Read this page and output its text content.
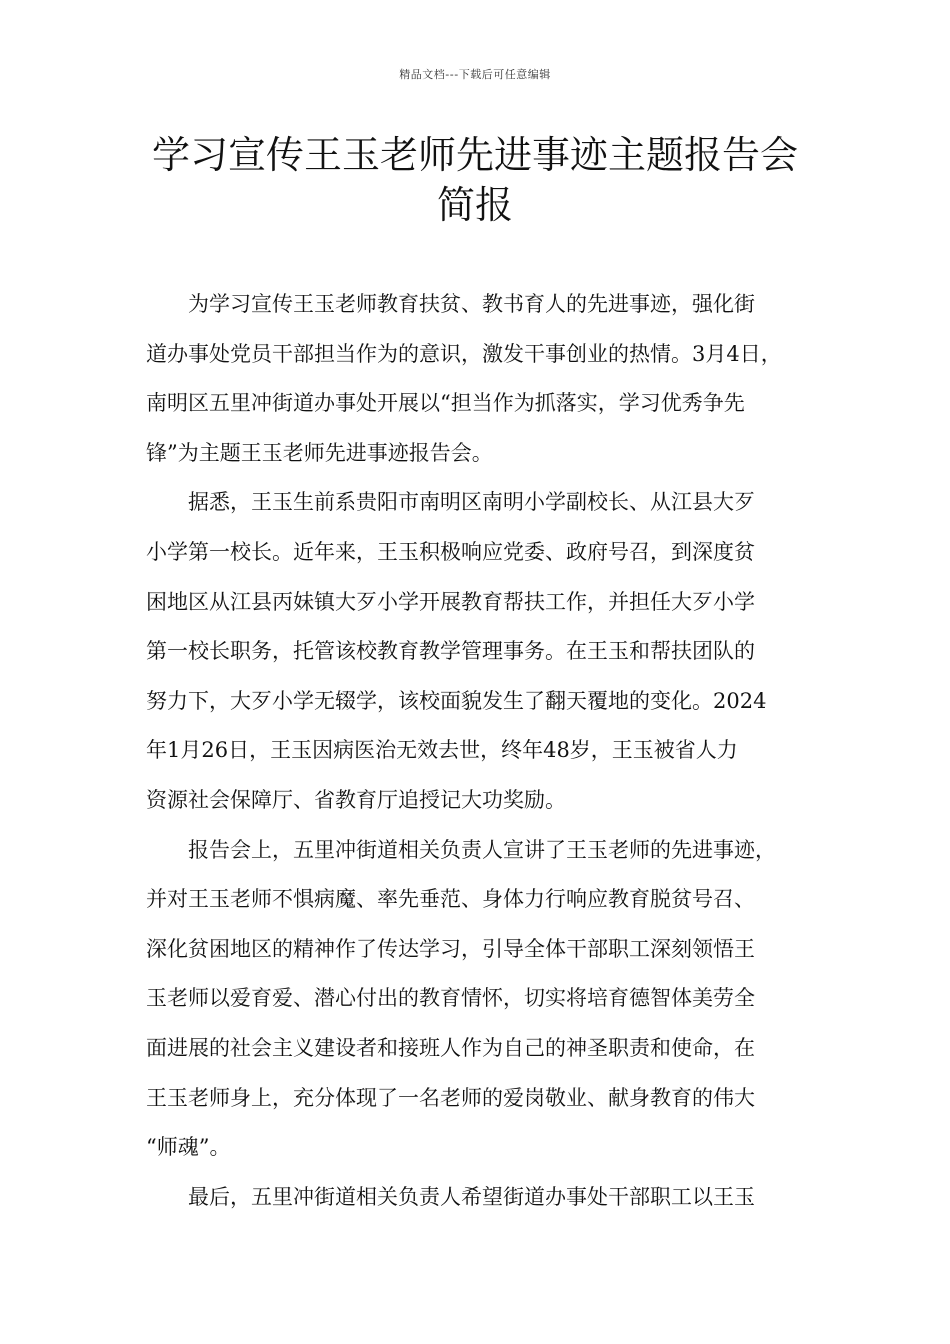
精品文档---下载后可任意编辑
学习宣传王玉老师先进事迹主题报告会
简报

为学习宣传王玉老师教育扶贫、教书育人的先进事迹，强化街
道办事处党员干部担当作为的意识，激发干事创业的热情。3月4日，
南明区五里冲街道办事处开展以“担当作为抓落实，学习优秀争先
锋”为主题王玉老师先进事迹报告会。

据悉，王玉生前系贵阳市南明区南明小学副校长、从江县大歹
小学第一校长。近年来，王玉积极响应党委、政府号召，到深度贫
困地区从江县丙妹镇大歹小学开展教育帮扶工作，并担任大歹小学
第一校长职务，托管该校教育教学管理事务。在王玉和帮扶团队的
努力下，大歹小学无辍学，该校面貌发生了翻天覆地的变化。2024
年1月26日，王玉因病医治无效去世，终年48岁，王玉被省人力
资源社会保障厅、省教育厅追授记大功奖励。

报告会上，五里冲街道相关负责人宣讲了王玉老师的先进事迹，
并对王玉老师不惧病魔、率先垂范、身体力行响应教育脱贫号召、
深化贫困地区的精神作了传达学习，引导全体干部职工深刻领悟王
玉老师以爱育爱、潜心付出的教育情怀，切实将培育德智体美劳全
面进展的社会主义建设者和接班人作为自己的神圣职责和使命，在
王玉老师身上，充分体现了一名老师的爱岗敬业、献身教育的伟大
“师魂”。

最后，五里冲街道相关负责人希望街道办事处干部职工以王玉
